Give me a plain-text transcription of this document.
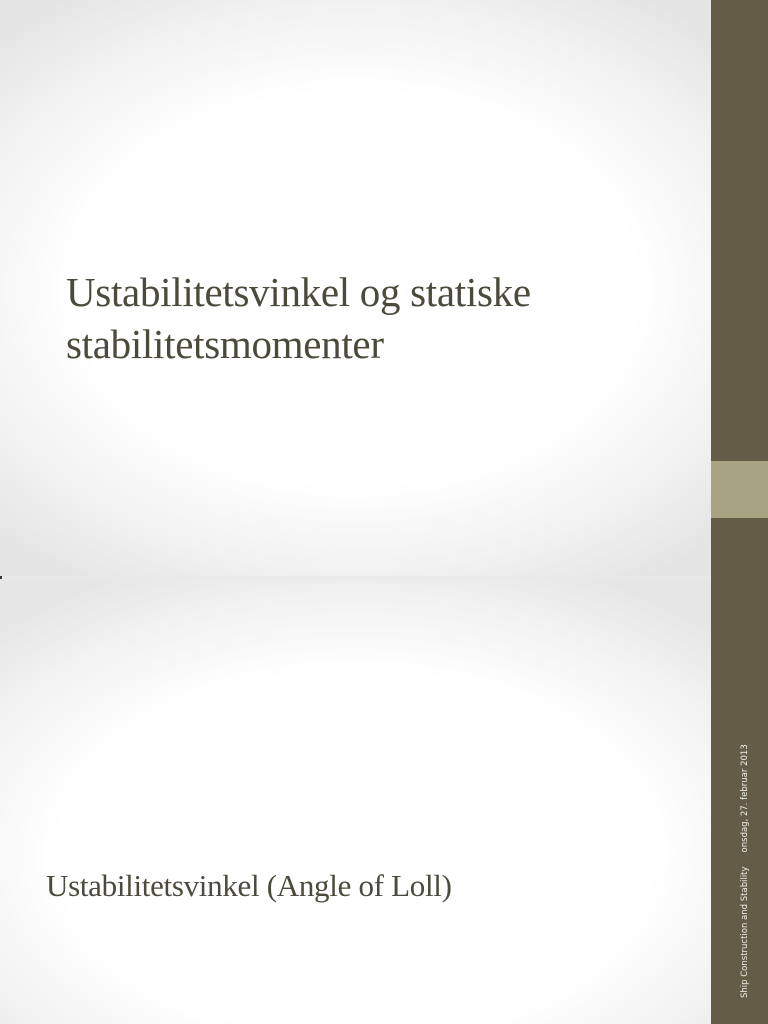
Ustabilitetsvinkel og statiske stabilitetsmomenter
Ustabilitetsvinkel (Angle of Loll)	Ship Construction and Stabilityonsdag, 27. februar 2013
